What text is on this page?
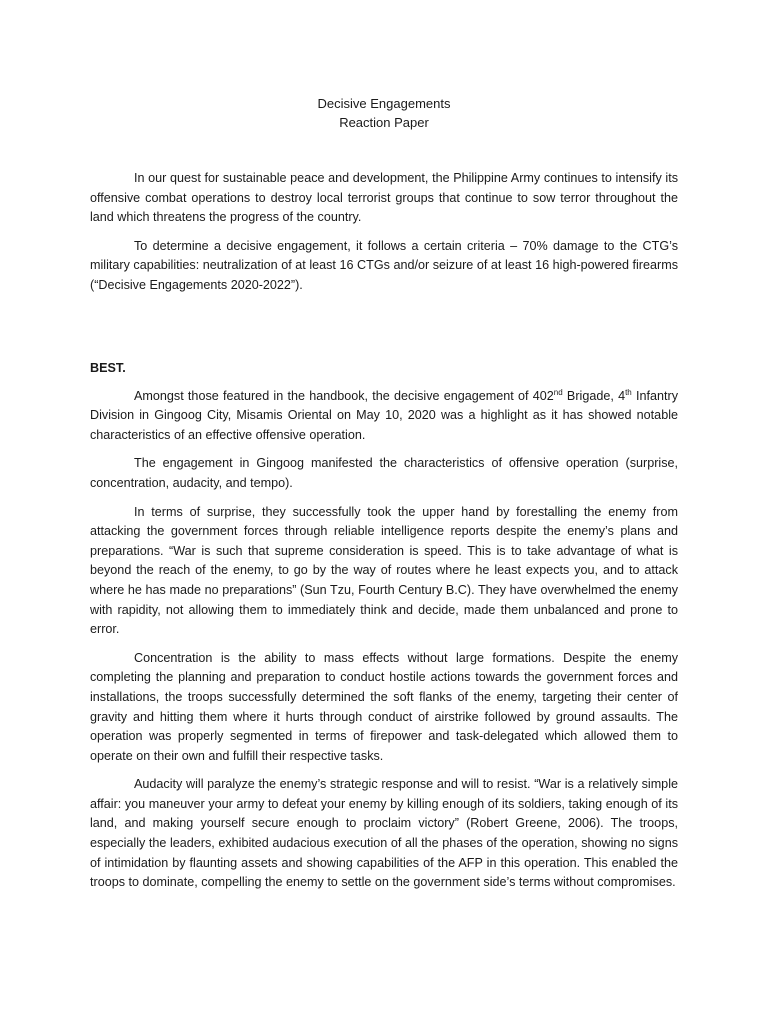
Decisive Engagements
Reaction Paper

In our quest for sustainable peace and development, the Philippine Army continues to intensify its offensive combat operations to destroy local terrorist groups that continue to sow terror throughout the land which threatens the progress of the country.

To determine a decisive engagement, it follows a certain criteria – 70% damage to the CTG’s military capabilities: neutralization of at least 16 CTGs and/or seizure of at least 16 high-powered firearms (“Decisive Engagements 2020-2022”).

BEST.

Amongst those featured in the handbook, the decisive engagement of 402nd Brigade, 4th Infantry Division in Gingoog City, Misamis Oriental on May 10, 2020 was a highlight as it has showed notable characteristics of an effective offensive operation.

The engagement in Gingoog manifested the characteristics of offensive operation (surprise, concentration, audacity, and tempo).

In terms of surprise, they successfully took the upper hand by forestalling the enemy from attacking the government forces through reliable intelligence reports despite the enemy’s plans and preparations. “War is such that supreme consideration is speed. This is to take advantage of what is beyond the reach of the enemy, to go by the way of routes where he least expects you, and to attack where he has made no preparations” (Sun Tzu, Fourth Century B.C). They have overwhelmed the enemy with rapidity, not allowing them to immediately think and decide, made them unbalanced and prone to error.

Concentration is the ability to mass effects without large formations. Despite the enemy completing the planning and preparation to conduct hostile actions towards the government forces and installations, the troops successfully determined the soft flanks of the enemy, targeting their center of gravity and hitting them where it hurts through conduct of airstrike followed by ground assaults. The operation was properly segmented in terms of firepower and task-delegated which allowed them to operate on their own and fulfill their respective tasks.

Audacity will paralyze the enemy’s strategic response and will to resist. “War is a relatively simple affair: you maneuver your army to defeat your enemy by killing enough of its soldiers, taking enough of its land, and making yourself secure enough to proclaim victory” (Robert Greene, 2006). The troops, especially the leaders, exhibited audacious execution of all the phases of the operation, showing no signs of intimidation by flaunting assets and showing capabilities of the AFP in this operation. This enabled the troops to dominate, compelling the enemy to settle on the government side’s terms without compromises.
